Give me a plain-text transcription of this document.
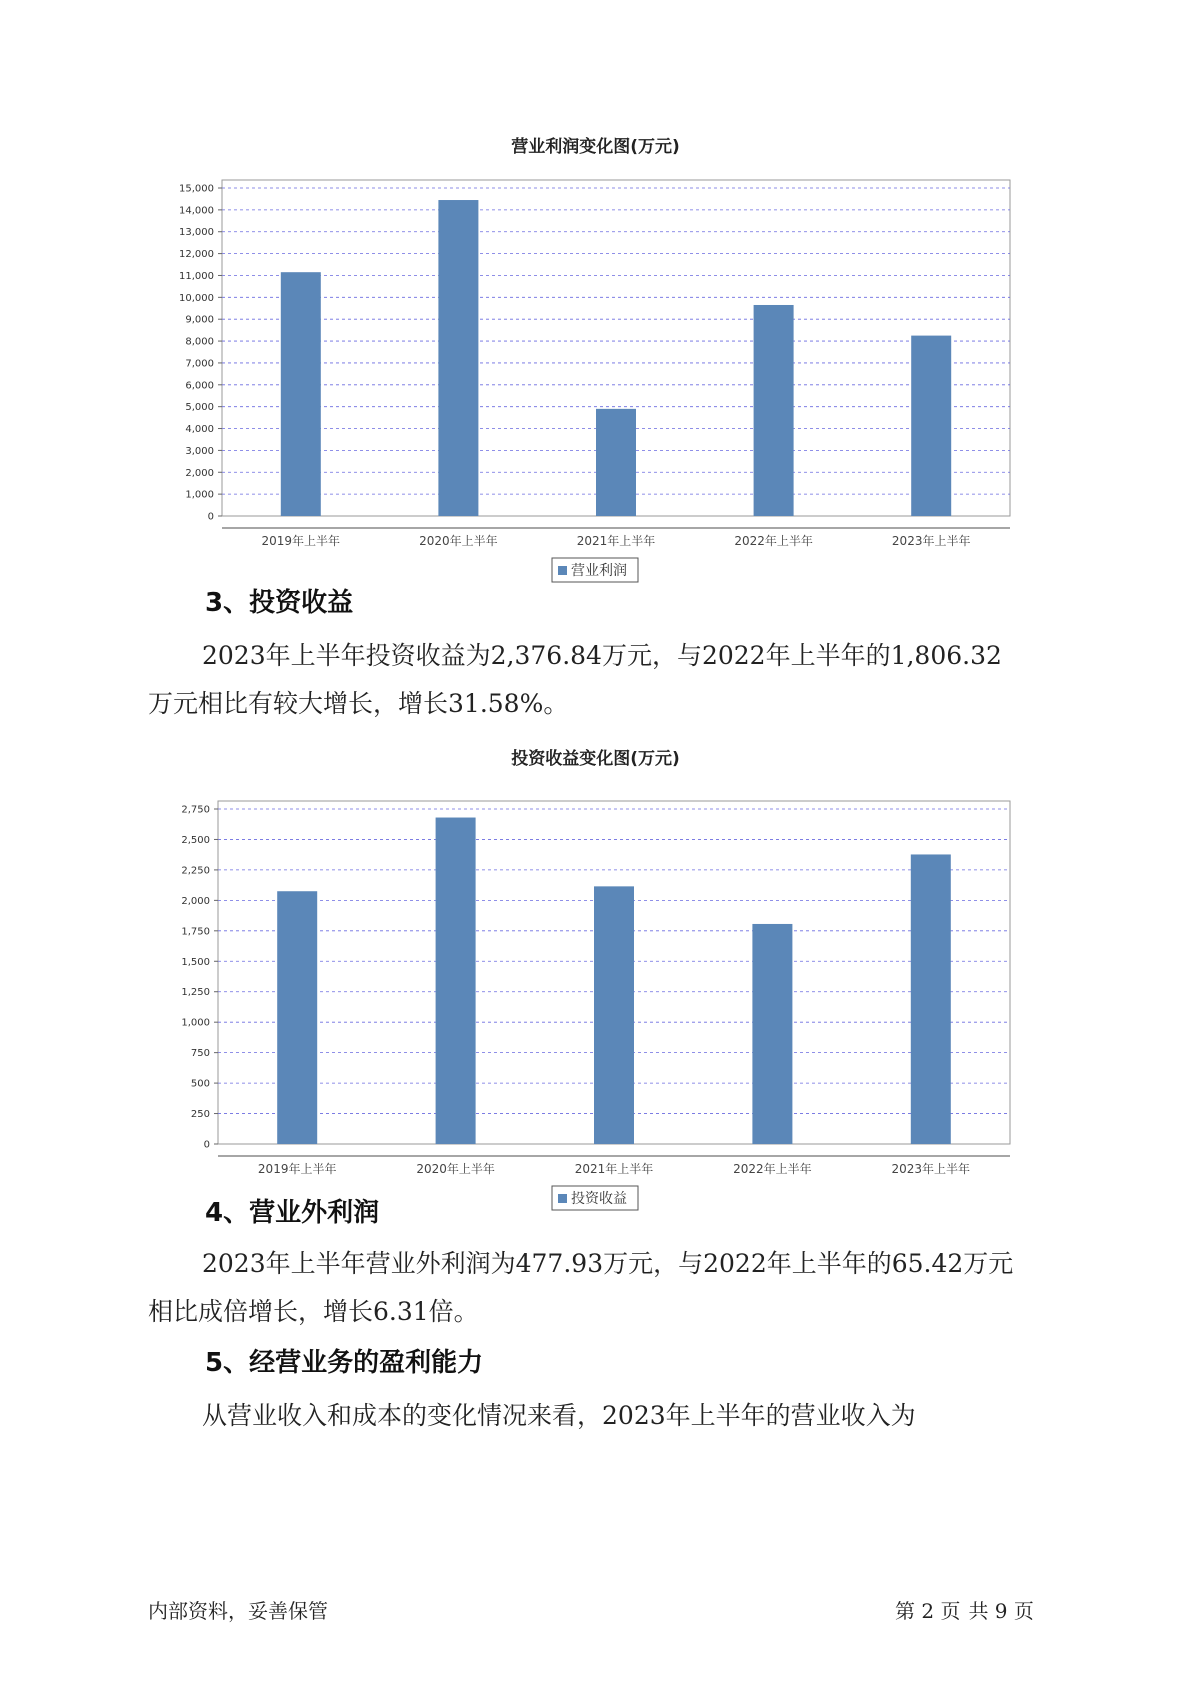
营业利润变化图(万元)
15,000
14,000
13,000
12,000
11,000
10,000
9,000
8,000
7,000
6,000
5,000
4,000
3,000
2,000
1,000
0
2019年上半年	2020年上半年	2021年上半年	2022年上半年	2023年上半年
营业利润
3、投资收益

2023年上半年投资收益为2,376.84万元，与2022年上半年的1,806.32
万元相比有较大增长，增长31.58%。

投资收益变化图(万元)
2,750
2,500
2,250
2,000
1,750
1,500
1,250
1,000
750
500
250
0
2019年上半年	2020年上半年	2021年上半年	2022年上半年	2023年上半年
投资收益
4、营业外利润

2023年上半年营业外利润为477.93万元，与2022年上半年的65.42万元
相比成倍增长，增长6.31倍。

5、经营业务的盈利能力

从营业收入和成本的变化情况来看，2023年上半年的营业收入为

内部资料，妥善保管	第 2 页 共 9 页
